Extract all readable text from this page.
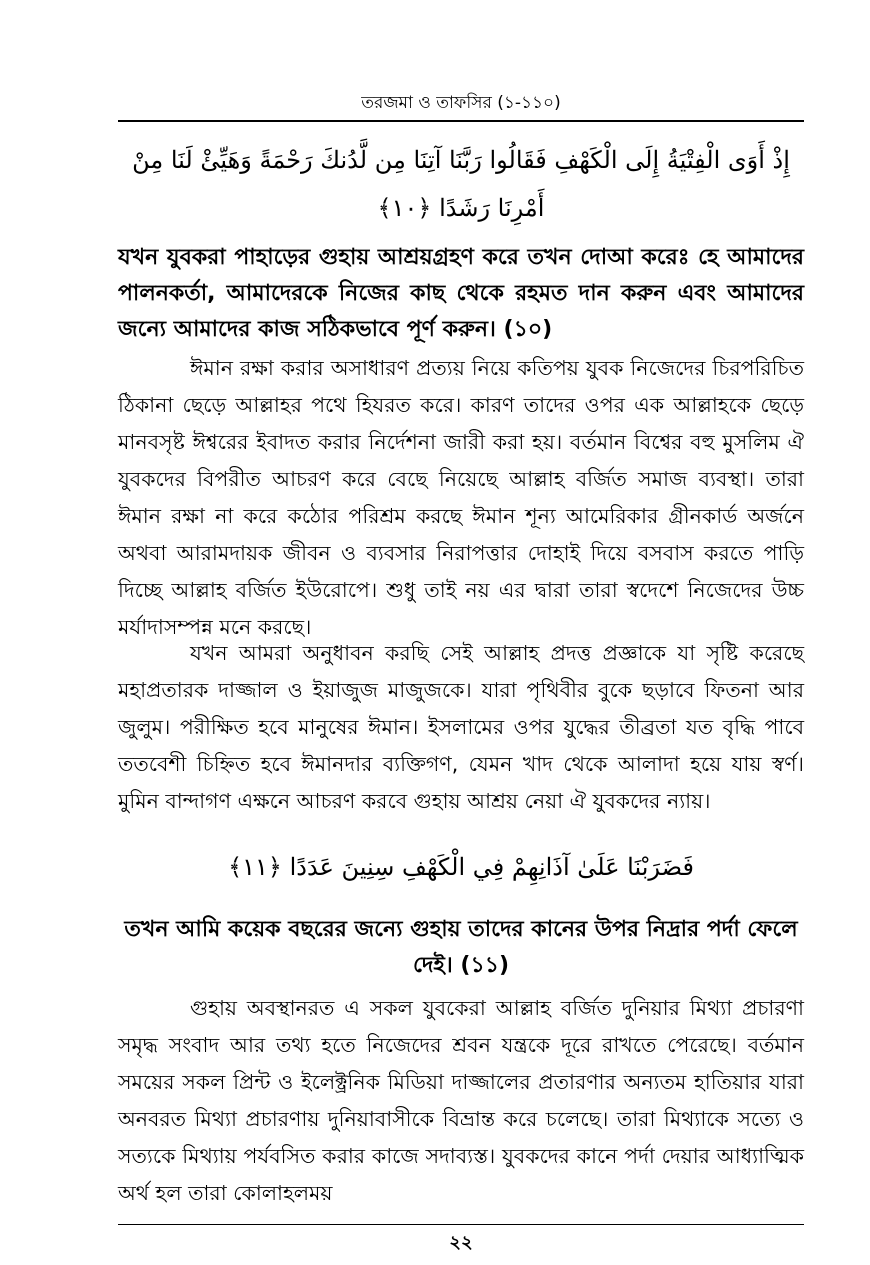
তরজমা ও তাফসির (১-১১০)
إِذْ أَوَى الْفِتْيَةُ إِلَى الْكَهْفِ فَقَالُوا رَبَّنَا آتِنَا مِن لَّدُنكَ رَحْمَةً وَهَيِّئْ لَنَا مِنْ أَمْرِنَا رَشَدًا ﴿١٠﴾
যখন যুবকরা পাহাড়ের গুহায় আশ্রয়গ্রহণ করে তখন দোআ করেঃ হে আমাদের পালনকর্তা, আমাদেরকে নিজের কাছ থেকে রহমত দান করুন এবং আমাদের জন্যে আমাদের কাজ সঠিকভাবে পূর্ণ করুন। (১০)
ঈমান রক্ষা করার অসাধারণ প্রত্যয় নিয়ে কতিপয় যুবক নিজেদের চিরপরিচিত ঠিকানা ছেড়ে আল্লাহর পথে হিযরত করে। কারণ তাদের ওপর এক আল্লাহকে ছেড়ে মানবসৃষ্ট ঈশ্বরের ইবাদত করার নির্দেশনা জারী করা হয়। বর্তমান বিশ্বের বহু মুসলিম ঐ যুবকদের বিপরীত আচরণ করে বেছে নিয়েছে আল্লাহ বর্জিত সমাজ ব্যবস্থা। তারা ঈমান রক্ষা না করে কঠোর পরিশ্রম করছে ঈমান শূন্য আমেরিকার গ্রীনকার্ড অর্জনে অথবা আরামদায়ক জীবন ও ব্যবসার নিরাপত্তার দোহাই দিয়ে বসবাস করতে পাড়ি দিচ্ছে আল্লাহ বর্জিত ইউরোপে। শুধু তাই নয় এর দ্বারা তারা স্বদেশে নিজেদের উচ্চ মর্যাদাসম্পন্ন মনে করছে।
যখন আমরা অনুধাবন করছি সেই আল্লাহ প্রদত্ত প্রজ্ঞাকে যা সৃষ্টি করেছে মহাপ্রতারক দাজ্জাল ও ইয়াজুজ মাজুজকে। যারা পৃথিবীর বুকে ছড়াবে ফিতনা আর জুলুম। পরীক্ষিত হবে মানুষের ঈমান। ইসলামের ওপর যুদ্ধের তীব্রতা যত বৃদ্ধি পাবে ততবেশী চিহ্নিত হবে ঈমানদার ব্যক্তিগণ, যেমন খাদ থেকে আলাদা হয়ে যায় স্বর্ণ। মুমিন বান্দাগণ এক্ষনে আচরণ করবে গুহায় আশ্রয় নেয়া ঐ যুবকদের ন্যায়।
فَضَرَبْنَا عَلَىٰ آذَانِهِمْ فِي الْكَهْفِ سِنِينَ عَدَدًا ﴿١١﴾
তখন আমি কয়েক বছরের জন্যে গুহায় তাদের কানের উপর নিদ্রার পর্দা ফেলে দেই। (১১)
গুহায় অবস্থানরত এ সকল যুবকেরা আল্লাহ বর্জিত দুনিয়ার মিথ্যা প্রচারণা সমৃদ্ধ সংবাদ আর তথ্য হতে নিজেদের শ্রবন যন্ত্রকে দূরে রাখতে পেরেছে। বর্তমান সময়ের সকল প্রিন্ট ও ইলেক্ট্রনিক মিডিয়া দাজ্জালের প্রতারণার অন্যতম হাতিয়ার যারা অনবরত মিথ্যা প্রচারণায় দুনিয়াবাসীকে বিভ্রান্ত করে চলেছে। তারা মিথ্যাকে সত্যে ও সত্যকে মিথ্যায় পর্যবসিত করার কাজে সদাব্যস্ত। যুবকদের কানে পর্দা দেয়ার আধ্যাত্মিক অর্থ হল তারা কোলাহলময়
২২
